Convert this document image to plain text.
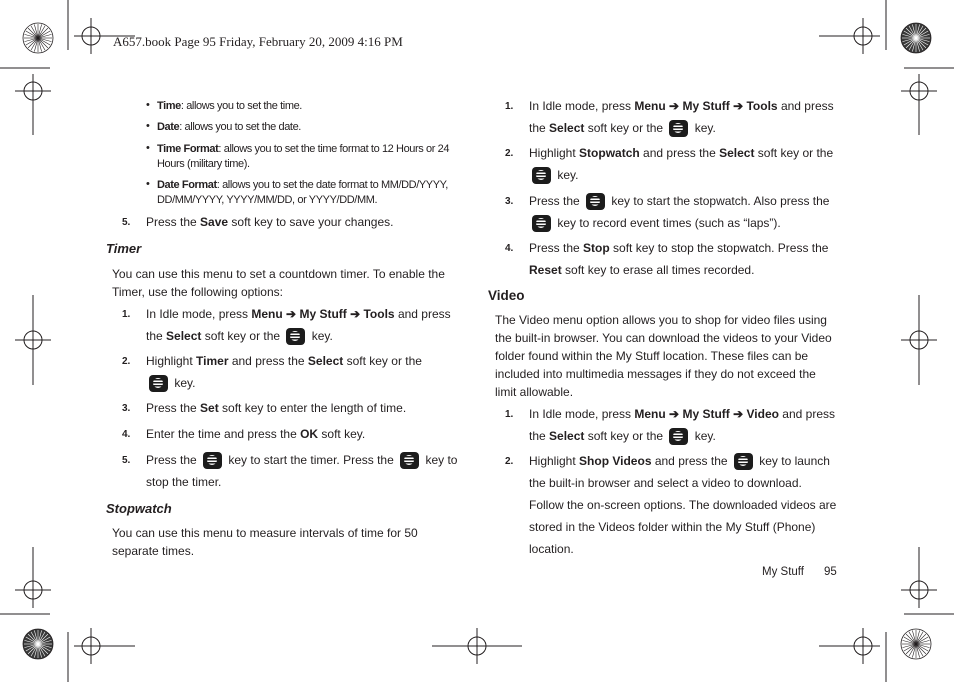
A657.book Page 95 Friday, February 20, 2009 4:16 PM
• Time: allows you to set the time.
• Date: allows you to set the date.
• Time Format: allows you to set the time format to 12 Hours or 24 Hours (military time).
• Date Format: allows you to set the date format to MM/DD/YYYY, DD/MM/YYYY, YYYY/MM/DD, or YYYY/DD/MM.
5. Press the Save soft key to save your changes.
Timer
You can use this menu to set a countdown timer. To enable the Timer, use the following options:
1. In Idle mode, press Menu ➔ My Stuff ➔ Tools and press
the Select soft key or the  key.
2. Highlight Timer and press the Select soft key or the
key.
3. Press the Set soft key to enter the length of time.
4. Enter the time and press the OK soft key.
5. Press the  key to start the timer. Press the  key to
stop the timer.
Stopwatch
You can use this menu to measure intervals of time for 50 separate times.
1. In Idle mode, press Menu ➔ My Stuff ➔ Tools and press
the Select soft key or the  key.
2. Highlight Stopwatch and press the Select soft key or the
key.
3. Press the  key to start the stopwatch. Also press the
key to record event times (such as “laps”).
4. Press the Stop soft key to stop the stopwatch. Press the
Reset soft key to erase all times recorded.
Video
The Video menu option allows you to shop for video files using the built-in browser. You can download the videos to your Video folder found within the My Stuff location. These files can be included into multimedia messages if they do not exceed the limit allowable.
1. In Idle mode, press Menu ➔ My Stuff ➔ Video and press
the Select soft key or the  key.
2. Highlight Shop Videos and press the  key to launch
the built-in browser and select a video to download. Follow the on-screen options. The downloaded videos are stored in the Videos folder within the My Stuff (Phone) location.
My Stuff 95
